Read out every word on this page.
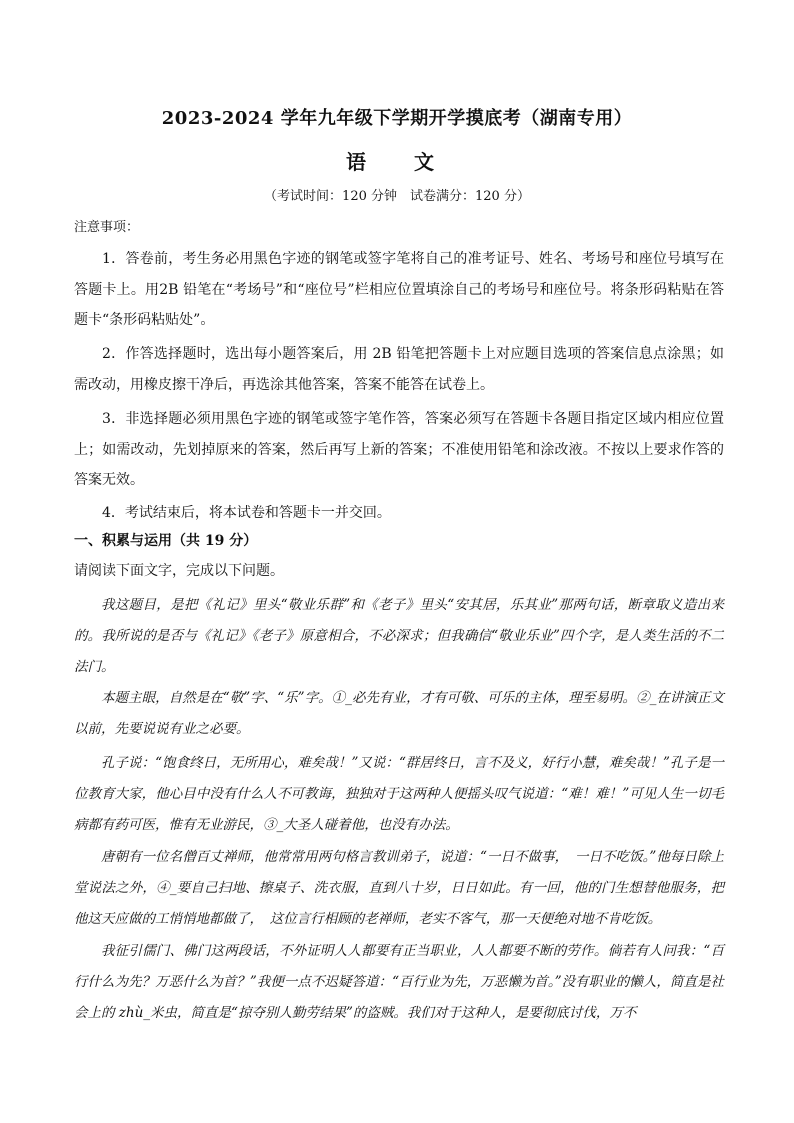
2023-2024 学年九年级下学期开学摸底考（湖南专用）
语　文
（考试时间：120 分钟　试卷满分：120 分）
注意事项：

1．答卷前，考生务必用黑色字迹的钢笔或签字笔将自己的准考证号、姓名、考场号和座位号填写在答题卡上。用2B 铅笔在“考场号”和“座位号”栏相应位置填涂自己的考场号和座位号。将条形码粘贴在答题卡“条形码粘贴处”。

2．作答选择题时，选出每小题答案后，用 2B 铅笔把答题卡上对应题目选项的答案信息点涂黑；如需改动，用橡皮擦干净后，再选涂其他答案，答案不能答在试卷上。

3．非选择题必须用黑色字迹的钢笔或签字笔作答，答案必须写在答题卡各题目指定区域内相应位置上；如需改动，先划掉原来的答案，然后再写上新的答案；不准使用铅笔和涂改液。不按以上要求作答的答案无效。

4．考试结束后，将本试卷和答题卡一并交回。

一、积累与运用（共 19 分）
请阅读下面文字，完成以下问题。

我这题目，是把《礼记》里头“敬业乐群”和《老子》里头“安其居，乐其业”那两句话，断章取义造出来的。我所说的是否与《礼记》《老子》原意相合，不必深求；但我确信“敬业乐业”四个字，是人类生活的不二法门。

本题主眼，自然是在“敬”字、“乐”字。①_必先有业，才有可敬、可乐的主体，理至易明。②_在讲演正文以前，先要说说有业之必要。

孔子说：“饱食终日，无所用心，难矣哉！”又说：“群居终日，言不及义，好行小慧，难矣哉！”孔子是一位教育大家，他心目中没有什么人不可教诲，独独对于这两种人便摇头叹气说道：“难！难！”可见人生一切毛病都有药可医，惟有无业游民，③_大圣人碰着他，也没有办法。

唐朝有一位名僧百丈禅师，他常常用两句格言教训弟子，说道：“一日不做事，　一日不吃饭。”他每日除上堂说法之外，④_要自己扫地、擦桌子、洗衣服，直到八十岁，日日如此。有一回，他的门生想替他服务，把他这天应做的工悄悄地都做了，　这位言行相顾的老禅师，老实不客气，那一天便绝对地不肯吃饭。

我征引儒门、佛门这两段话，不外证明人人都要有正当职业，人人都要不断的劳作。倘若有人问我：“百行什么为先？万恶什么为首？”我便一点不迟疑答道：“百行业为先，万恶懒为首。”没有职业的懒人，简直是社会上的 zhù_米虫，简直是“掠夺别人勤劳结果”的盗贼。我们对于这种人，是要彻底讨伐，万不
